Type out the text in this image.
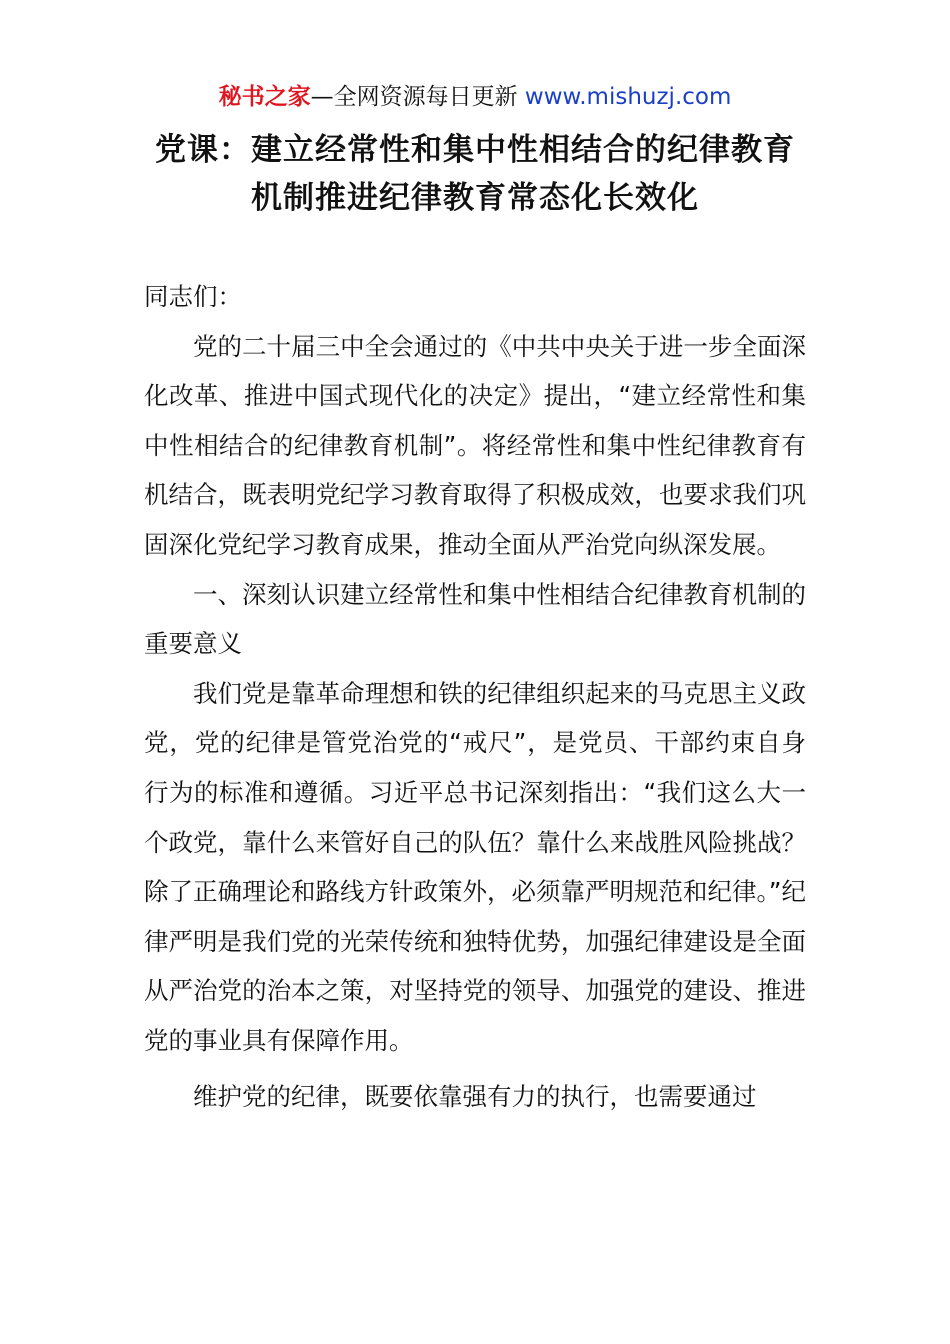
秘书之家—全网资源每日更新 www.mishuzj.com
党课：建立经常性和集中性相结合的纪律教育
机制推进纪律教育常态化长效化

同志们：

党的二十届三中全会通过的《中共中央关于进一步全面深化改革、推进中国式现代化的决定》提出，“建立经常性和集中性相结合的纪律教育机制”。将经常性和集中性纪律教育有机结合，既表明党纪学习教育取得了积极成效，也要求我们巩固深化党纪学习教育成果，推动全面从严治党向纵深发展。

一、深刻认识建立经常性和集中性相结合纪律教育机制的重要意义

我们党是靠革命理想和铁的纪律组织起来的马克思主义政党，党的纪律是管党治党的“戒尺”，是党员、干部约束自身行为的标准和遵循。习近平总书记深刻指出：“我们这么大一个政党，靠什么来管好自己的队伍？靠什么来战胜风险挑战？除了正确理论和路线方针政策外，必须靠严明规范和纪律。”纪律严明是我们党的光荣传统和独特优势，加强纪律建设是全面从严治党的治本之策，对坚持党的领导、加强党的建设、推进党的事业具有保障作用。

维护党的纪律，既要依靠强有力的执行，也需要通过
